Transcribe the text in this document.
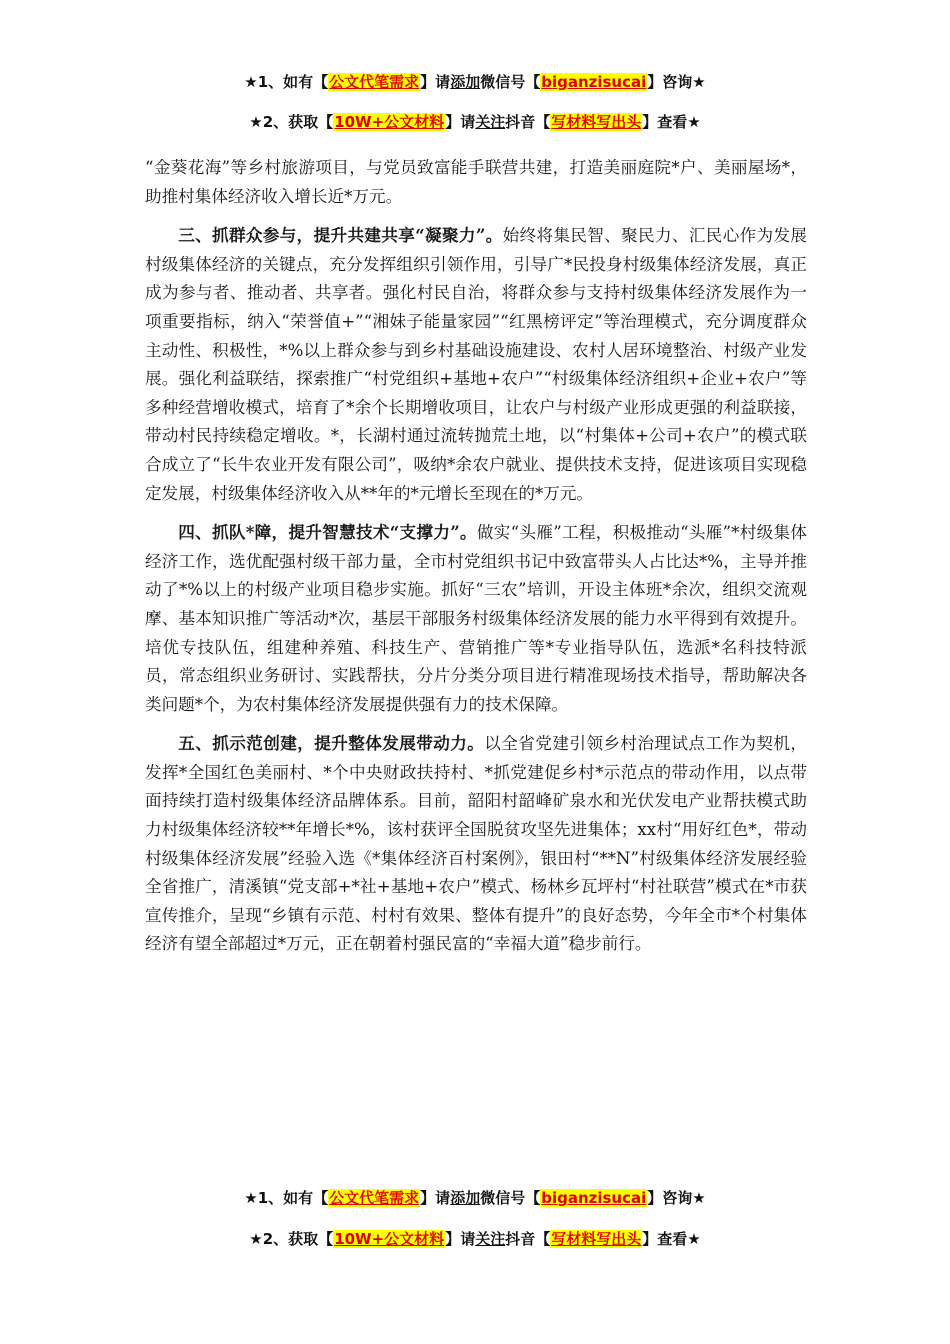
★1、如有【公文代笔需求】请添加微信号【biganzisucai】咨询★
★2、获取【10W+公文材料】请关注抖音【写材料写出头】查看★

“金葵花海”等乡村旅游项目，与党员致富能手联营共建，打造美丽庭院*户、美丽屋场*，助推村集体经济收入增长近*万元。

三、抓群众参与，提升共建共享“凝聚力”。始终将集民智、聚民力、汇民心作为发展村级集体经济的关键点，充分发挥组织引领作用，引导广*民投身村级集体经济发展，真正成为参与者、推动者、共享者。强化村民自治，将群众参与支持村级集体经济发展作为一项重要指标，纳入“荣誉值+”“湘妹子能量家园”“红黑榜评定”等治理模式，充分调度群众主动性、积极性，*%以上群众参与到乡村基础设施建设、农村人居环境整治、村级产业发展。强化利益联结，探索推广“村党组织+基地+农户”“村级集体经济组织+企业+农户”等多种经营增收模式，培育了*余个长期增收项目，让农户与村级产业形成更强的利益联接，带动村民持续稳定增收。*，长湖村通过流转抛荒土地，以“村集体+公司+农户”的模式联合成立了“长牛农业开发有限公司”，吸纳*余农户就业、提供技术支持，促进该项目实现稳定发展，村级集体经济收入从**年的*元增长至现在的*万元。

四、抓队*障，提升智慧技术“支撑力”。做实“头雁”工程，积极推动“头雁”*村级集体经济工作，选优配强村级干部力量，全市村党组织书记中致富带头人占比达*%，主导并推动了*%以上的村级产业项目稳步实施。抓好“三农”培训，开设主体班*余次，组织交流观摩、基本知识推广等活动*次，基层干部服务村级集体经济发展的能力水平得到有效提升。培优专技队伍，组建种养殖、科技生产、营销推广等*专业指导队伍，选派*名科技特派员，常态组织业务研讨、实践帮扶，分片分类分项目进行精准现场技术指导，帮助解决各类问题*个，为农村集体经济发展提供强有力的技术保障。

五、抓示范创建，提升整体发展带动力。以全省党建引领乡村治理试点工作为契机，发挥*全国红色美丽村、*个中央财政扶持村、*抓党建促乡村*示范点的带动作用，以点带面持续打造村级集体经济品牌体系。目前，韶阳村韶峰矿泉水和光伏发电产业帮扶模式助力村级集体经济较**年增长*%，该村获评全国脱贫攻坚先进集体；xx村“用好红色*，带动村级集体经济发展”经验入选《*集体经济百村案例》，银田村“**N”村级集体经济发展经验全省推广，清溪镇“党支部+*社+基地+农户”模式、杨林乡瓦坪村“村社联营”模式在*市获宣传推介，呈现“乡镇有示范、村村有效果、整体有提升”的良好态势，今年全市*个村集体经济有望全部超过*万元，正在朝着村强民富的“幸福大道”稳步前行。

★1、如有【公文代笔需求】请添加微信号【biganzisucai】咨询★
★2、获取【10W+公文材料】请关注抖音【写材料写出头】查看★
